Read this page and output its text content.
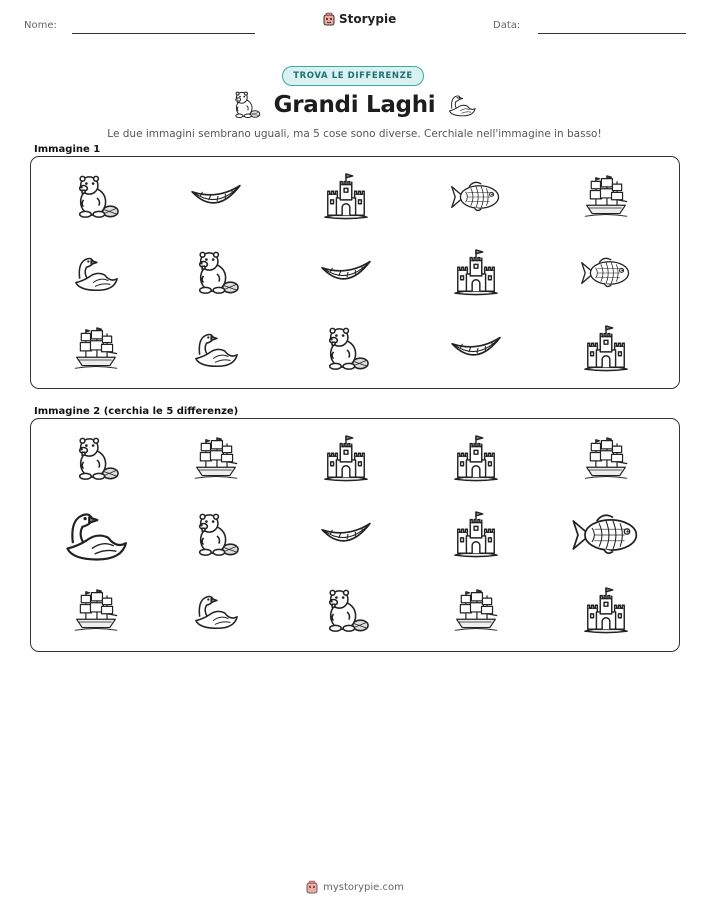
Nome:	Storypie	Data:
TROVA LE DIFFERENZE
Grandi Laghi
Le due immagini sembrano uguali, ma 5 cose sono diverse. Cerchiale nell'immagine in basso!
Immagine 1
Immagine 2 (cerchia le 5 differenze)
mystorypie.com
